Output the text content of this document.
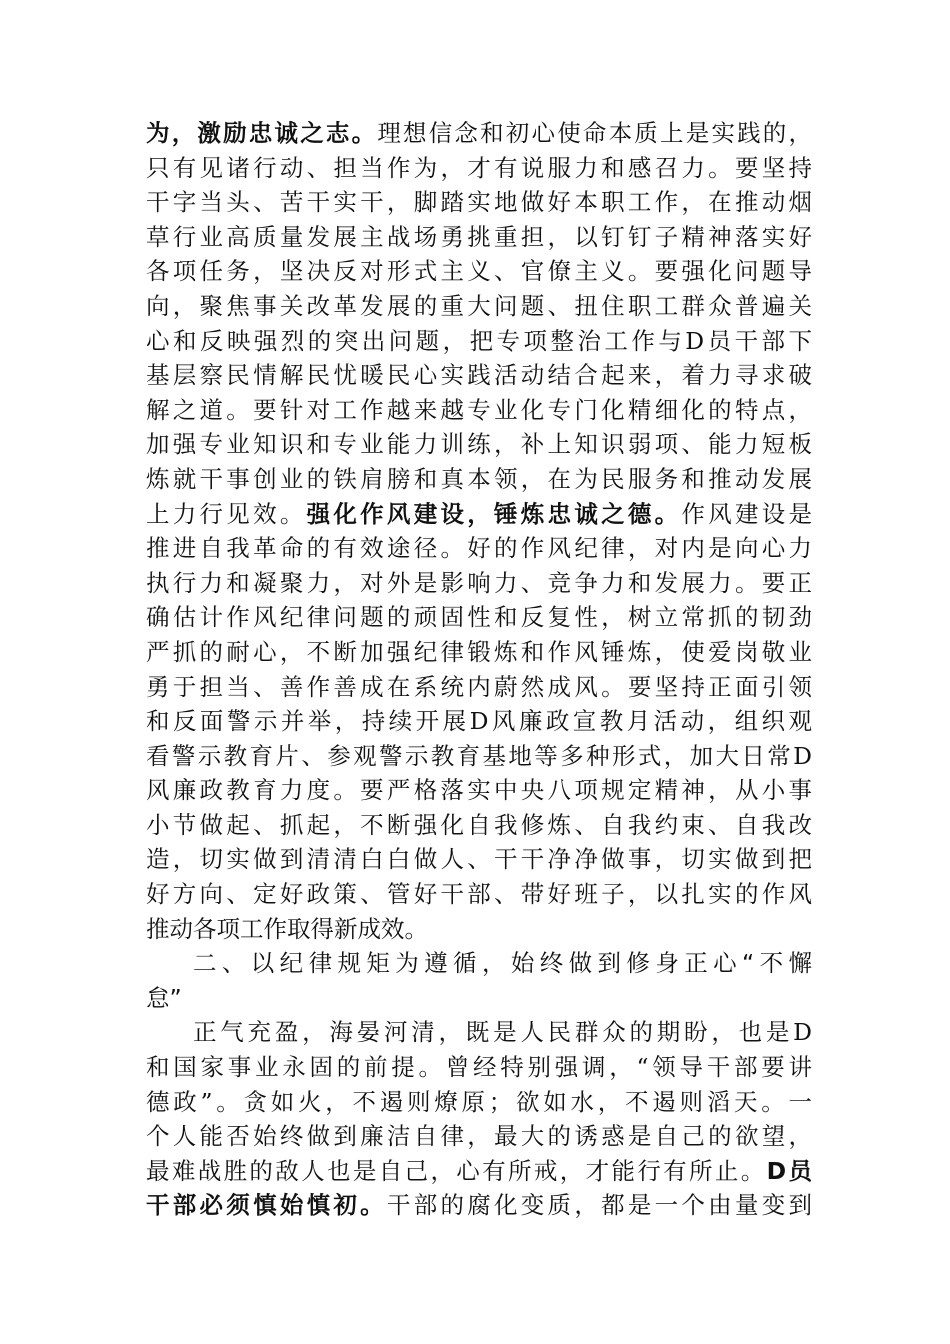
为，激励忠诚之志。理想信念和初心使命本质上是实践的，
只有见诸行动、担当作为，才有说服力和感召力。要坚持
干字当头、苦干实干，脚踏实地做好本职工作，在推动烟
草行业高质量发展主战场勇挑重担，以钉钉子精神落实好
各项任务，坚决反对形式主义、官僚主义。要强化问题导
向，聚焦事关改革发展的重大问题、扭住职工群众普遍关
心和反映强烈的突出问题，把专项整治工作与D员干部下
基层察民情解民忧暖民心实践活动结合起来，着力寻求破
解之道。要针对工作越来越专业化专门化精细化的特点，
加强专业知识和专业能力训练，补上知识弱项、能力短板
炼就干事创业的铁肩膀和真本领，在为民服务和推动发展
上力行见效。强化作风建设，锤炼忠诚之德。作风建设是
推进自我革命的有效途径。好的作风纪律，对内是向心力
执行力和凝聚力，对外是影响力、竞争力和发展力。要正
确估计作风纪律问题的顽固性和反复性，树立常抓的韧劲
严抓的耐心，不断加强纪律锻炼和作风锤炼，使爱岗敬业
勇于担当、善作善成在系统内蔚然成风。要坚持正面引领
和反面警示并举，持续开展D风廉政宣教月活动，组织观
看警示教育片、参观警示教育基地等多种形式，加大日常D
风廉政教育力度。要严格落实中央八项规定精神，从小事
小节做起、抓起，不断强化自我修炼、自我约束、自我改
造，切实做到清清白白做人、干干净净做事，切实做到把
好方向、定好政策、管好干部、带好班子，以扎实的作风
推动各项工作取得新成效。
二、以纪律规矩为遵循，始终做到修身正心“不懈
怠”
正气充盈，海晏河清，既是人民群众的期盼，也是D
和国家事业永固的前提。曾经特别强调，“领导干部要讲
德政”。贪如火，不遏则燎原；欲如水，不遏则滔天。一
个人能否始终做到廉洁自律，最大的诱惑是自己的欲望，
最难战胜的敌人也是自己，心有所戒，才能行有所止。D员
干部必须慎始慎初。干部的腐化变质，都是一个由量变到
